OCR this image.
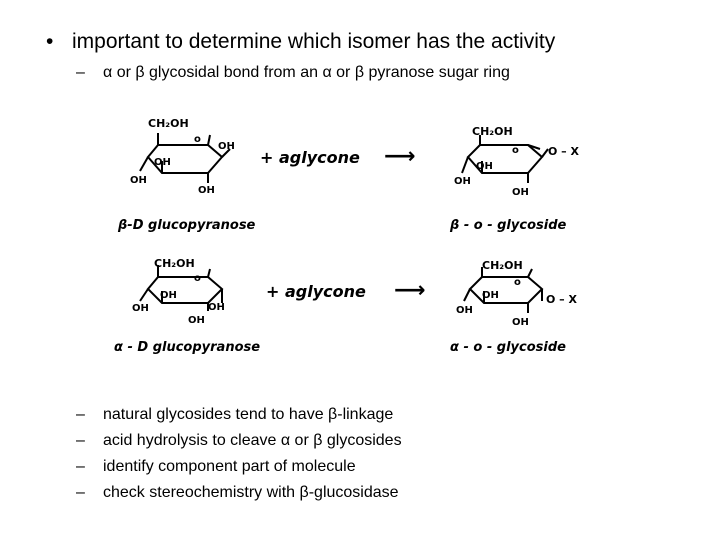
• important to determine which isomer has the activity
– α or β glycosidal bond from an α or β pyranose sugar ring
CH₂OH
o
OH
OH
OH
OH
+ aglycone ⟶
CH₂OH
o	O – X
OH
OH
OH
β-D glucopyranose	β - o - glycoside
CH₂OH
o
OH
OH
OH
OH
+ aglycone ⟶
CH₂OH
o
O – X
OH
OH
OH
α - D glucopyranose	α - o - glycoside
– natural glycosides tend to have β-linkage
– acid hydrolysis to cleave α or β glycosides
– identify component part of molecule
– check stereochemistry with β-glucosidase
